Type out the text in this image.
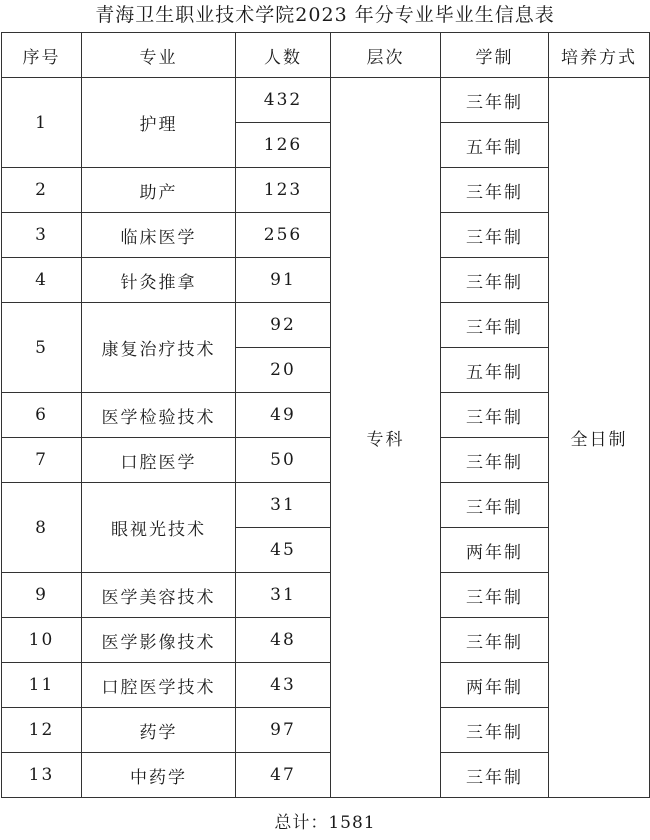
青海卫生职业技术学院2023 年分专业毕业生信息表
序号	专业	人数	层次	学制	培养方式
1	护理	432	专科	三年制	全日制
		126		五年制	
2	助产	123		三年制	
3	临床医学	256		三年制	
4	针灸推拿	91		三年制	
5	康复治疗技术	92		三年制	
		20		五年制	
6	医学检验技术	49		三年制	
7	口腔医学	50		三年制	
8	眼视光技术	31		三年制	
		45		两年制	
9	医学美容技术	31		三年制	
10	医学影像技术	48		三年制	
11	口腔医学技术	43		两年制	
12	药学	97		三年制	
13	中药学	47		三年制	
总计：1581
